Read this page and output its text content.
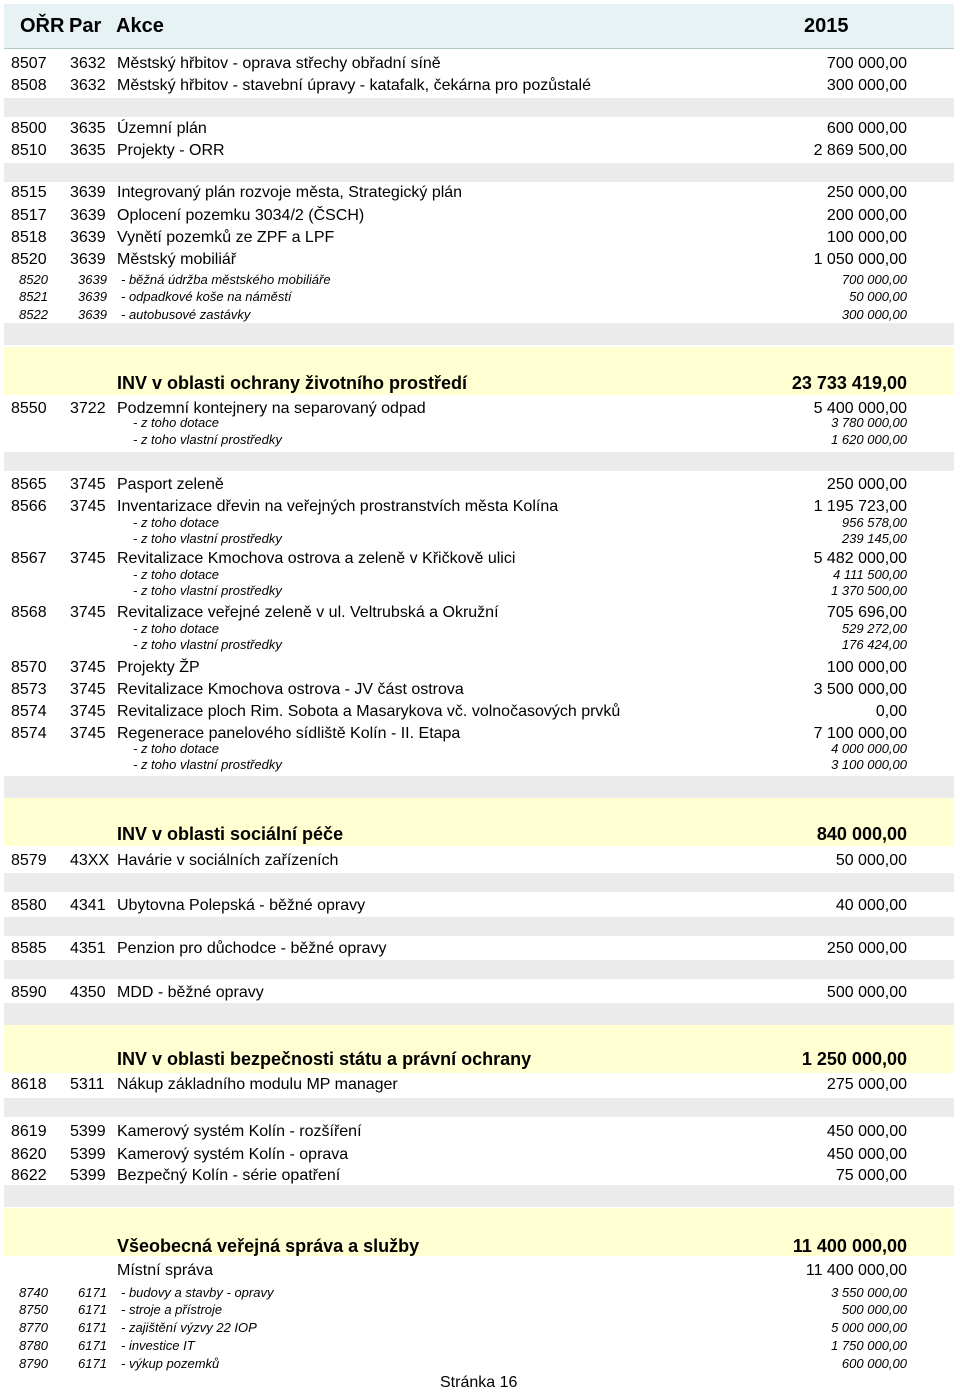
OŘR Par Akce	2015
8507 3632 Městský hřbitov - oprava střechy obřadní síně	700 000,00
8508 3632 Městský hřbitov - stavební úpravy - katafalk, čekárna pro pozůstalé	300 000,00
8500 3635 Územní plán	600 000,00
8510 3635 Projekty - ORR	2 869 500,00
8515 3639 Integrovaný plán rozvoje města, Strategický plán	250 000,00
8517 3639 Oplocení pozemku 3034/2 (ČSCH)	200 000,00
8518 3639 Vynětí pozemků ze ZPF a LPF	100 000,00
8520 3639 Městský mobiliář	1 050 000,00
8520 3639 - běžná údržba městského mobiliáře	700 000,00
8521 3639 - odpadkové koše na náměstí	50 000,00
8522 3639 - autobusové zastávky	300 000,00
INV v oblasti ochrany životního prostředí	23 733 419,00
8550 3722 Podzemní kontejnery na separovaný odpad	5 400 000,00
- z toho dotace	3 780 000,00
- z toho vlastní prostředky	1 620 000,00
8565 3745 Pasport zeleně	250 000,00
8566 3745 Inventarizace dřevin na veřejných prostranstvích města Kolína	1 195 723,00
- z toho dotace	956 578,00
- z toho vlastní prostředky	239 145,00
8567 3745 Revitalizace Kmochova ostrova a zeleně v Křičkově ulici	5 482 000,00
- z toho dotace	4 111 500,00
- z toho vlastní prostředky	1 370 500,00
8568 3745 Revitalizace veřejné zeleně v ul. Veltrubská a Okružní	705 696,00
- z toho dotace	529 272,00
- z toho vlastní prostředky	176 424,00
8570 3745 Projekty ŽP	100 000,00
8573 3745 Revitalizace Kmochova ostrova - JV část ostrova	3 500 000,00
8574 3745 Revitalizace ploch Rim. Sobota a Masarykova vč. volnočasových prvků	0,00
8574 3745 Regenerace panelového sídliště Kolín - II. Etapa	7 100 000,00
- z toho dotace	4 000 000,00
- z toho vlastní prostředky	3 100 000,00
INV v oblasti sociální péče	840 000,00
8579 43XX Havárie v sociálních zařízeních	50 000,00
8580 4341 Ubytovna Polepská - běžné opravy	40 000,00
8585 4351 Penzion pro důchodce - běžné opravy	250 000,00
8590 4350 MDD - běžné opravy	500 000,00
INV v oblasti bezpečnosti státu a právní ochrany	1 250 000,00
8618 5311 Nákup základního modulu MP manager	275 000,00
8619 5399 Kamerový systém Kolín - rozšíření	450 000,00
8620 5399 Kamerový systém Kolín - oprava	450 000,00
8622 5399 Bezpečný Kolín - série opatření	75 000,00
Všeobecná veřejná správa a služby	11 400 000,00
Místní správa	11 400 000,00
8740 6171 - budovy a stavby - opravy	3 550 000,00
8750 6171 - stroje a přístroje	500 000,00
8770 6171 - zajištění výzvy 22 IOP	5 000 000,00
8780 6171 - investice IT	1 750 000,00
8790 6171 - výkup pozemků	600 000,00
Stránka 16
